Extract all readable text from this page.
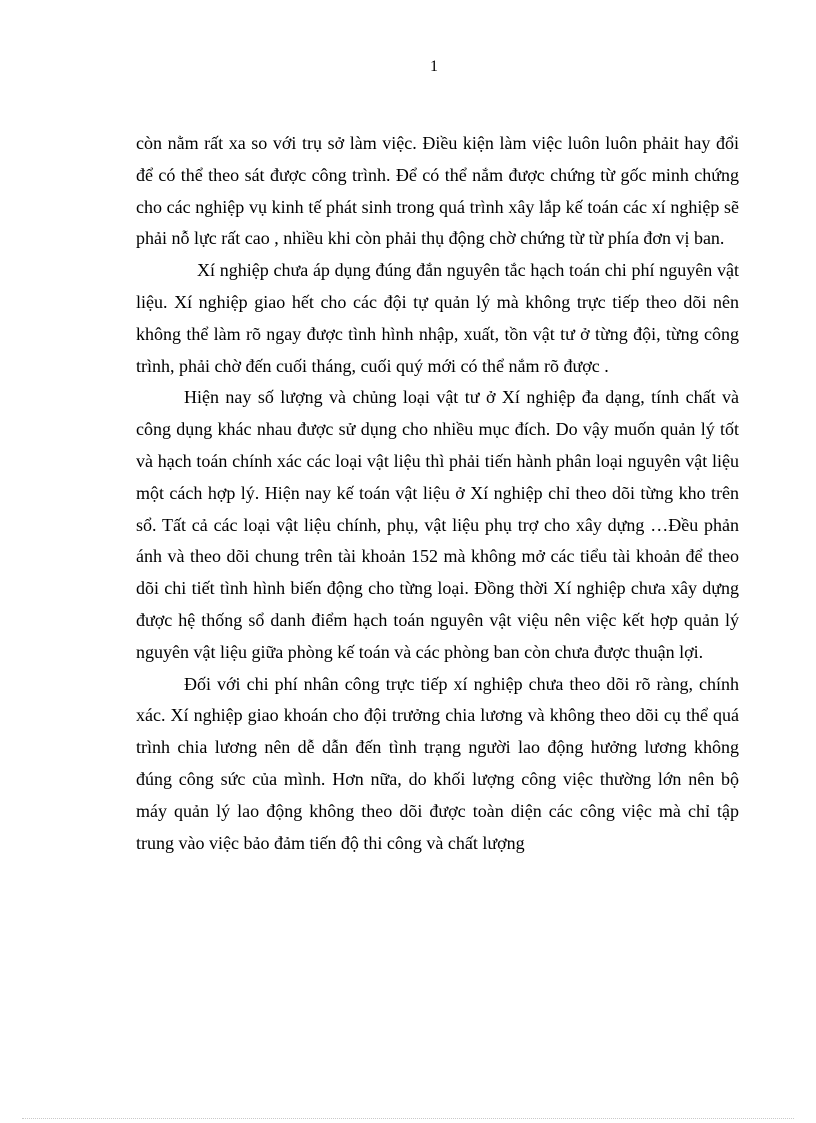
1

còn nằm rất xa so với trụ sở làm việc. Điều kiện làm việc luôn luôn phảit hay đổi để có thể theo sát được công trình. Để có thể nắm được chứng từ gốc minh chứng cho các nghiệp vụ kinh tế phát sinh trong quá trình xây lắp kế toán các xí nghiệp sẽ phải nỗ lực rất cao , nhiều khi còn phải thụ động chờ chứng từ từ phía đơn vị ban.

Xí nghiệp chưa áp dụng đúng đắn nguyên tắc hạch toán chi phí nguyên vật liệu. Xí nghiệp giao hết cho các đội tự quản lý mà không trực tiếp theo dõi nên không thể làm rõ ngay được tình hình nhập, xuất, tồn vật tư ở từng đội, từng công trình, phải chờ đến cuối tháng, cuối quý mới có thể nắm rõ được .

Hiện nay số lượng và chủng loại vật tư ở Xí nghiệp đa dạng, tính chất và công dụng khác nhau được sử dụng cho nhiều mục đích. Do vậy muốn quản lý tốt và hạch toán chính xác các loại vật liệu thì phải tiến hành phân loại nguyên vật liệu một cách hợp lý. Hiện nay kế toán vật liệu ở Xí nghiệp chỉ theo dõi từng kho trên sổ. Tất cả các loại vật liệu chính, phụ, vật liệu phụ trợ cho xây dựng …Đều phản ánh và theo dõi chung trên tài khoản 152 mà không mở các tiểu tài khoản để theo dõi chi tiết tình hình biến động cho từng loại. Đồng thời Xí nghiệp chưa xây dựng được hệ thống sổ danh điểm hạch toán nguyên vật việu nên việc kết hợp quản lý nguyên vật liệu giữa phòng kế toán và các phòng ban còn chưa được thuận lợi.

Đối với chi phí nhân công trực tiếp xí nghiệp chưa theo dõi rõ ràng, chính xác. Xí nghiệp giao khoán cho đội trưởng chia lương và không theo dõi cụ thể quá trình chia lương nên dễ dẫn đến tình trạng người lao động hưởng lương không đúng công sức của mình. Hơn nữa, do khối lượng công việc thường lớn nên bộ máy quản lý lao động không theo dõi được toàn diện các công việc mà chỉ tập trung vào việc bảo đảm tiến độ thi công và chất lượng
